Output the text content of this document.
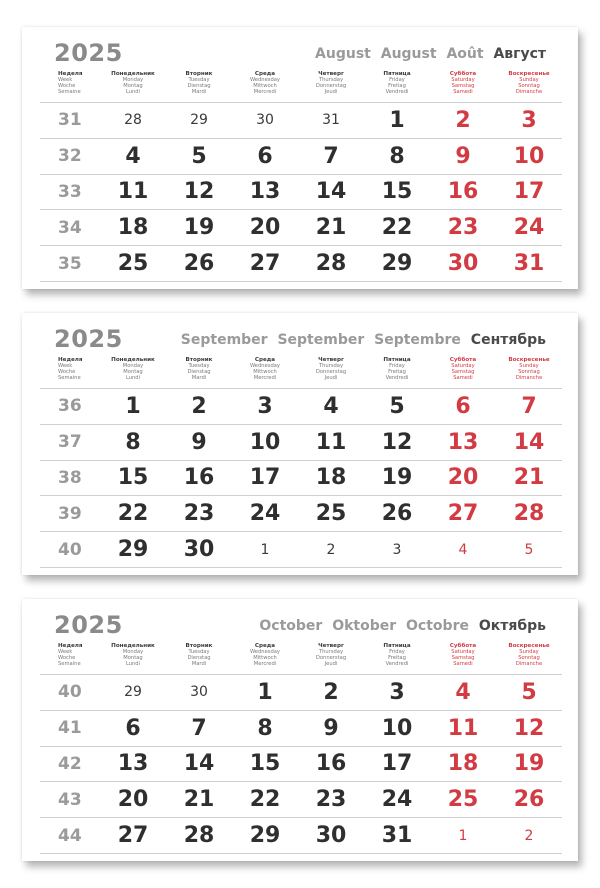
2025	August August Août Август
Неделя
Week
Woche
Semaine
Понедельник
Monday
Montag
Lundi
Вторник
Tuesday
Dienstag
Mardi
Среда
Wednesday
Mittwoch
Mercredi
Четверг
Thursday
Donnerstag
Jeudi
Пятница
Friday
Freitag
Vendredi
Суббота
Saturday
Samstag
Samedi
Воскресенье
Sunday
Sonntag
Dimanche
31	28	29	30	31	1	2	3
32	4	5	6	7	8	9	10
33	11	12	13	14	15	16	17
34	18	19	20	21	22	23	24
35	25	26	27	28	29	30	31
2025	September September Septembre Сентябрь
Неделя
Week
Woche
Semaine
Понедельник
Monday
Montag
Lundi
Вторник
Tuesday
Dienstag
Mardi
Среда
Wednesday
Mittwoch
Mercredi
Четверг
Thursday
Donnerstag
Jeudi
Пятница
Friday
Freitag
Vendredi
Суббота
Saturday
Samstag
Samedi
Воскресенье
Sunday
Sonntag
Dimanche
36	1	2	3	4	5	6	7
37	8	9	10	11	12	13	14
38	15	16	17	18	19	20	21
39	22	23	24	25	26	27	28
40	29	30	1	2	3	4	5
2025	October Oktober Octobre Октябрь
Неделя
Week
Woche
Semaine
Понедельник
Monday
Montag
Lundi
Вторник
Tuesday
Dienstag
Mardi
Среда
Wednesday
Mittwoch
Mercredi
Четверг
Thursday
Donnerstag
Jeudi
Пятница
Friday
Freitag
Vendredi
Суббота
Saturday
Samstag
Samedi
Воскресенье
Sunday
Sonntag
Dimanche
40	29	30	1	2	3	4	5
41	6	7	8	9	10	11	12
42	13	14	15	16	17	18	19
43	20	21	22	23	24	25	26
44	27	28	29	30	31	1	2
